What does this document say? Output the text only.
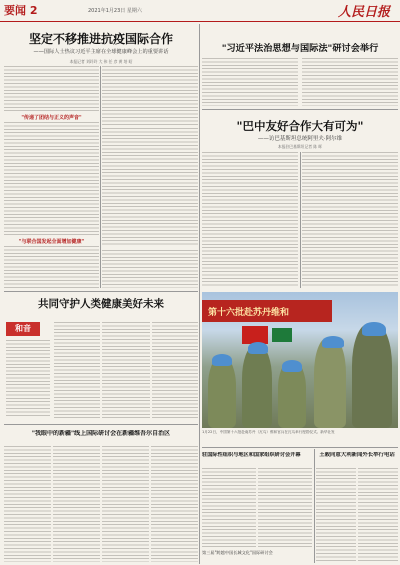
要闻 2	2021年1月23日 星期六	人民日报
坚定不移推进抗疫国际合作
——国际人士热议习近平主席在全球健康峰会上的重要讲话
本报记者 刘玲玲 大 伟 任 彦 黄 培 昭
"传递了团结与正义的声音"
"与联合国发起全面增加健康"
"习近平法治思想与国际法"研讨会举行
"巴中友好合作大有可为"
——访巴基斯坦总统阿里夫·阿尔维
本报驻巴基斯坦记者 陈 晖
共同守护人类健康美好未来
和音
第十六批赴苏丹维和
1月22日，中国第十六批赴南苏丹（瓦乌）维和官兵在瓦乌举行授勋仪式。新华社发
"我眼中的新疆"线上国际研讨会在新疆维吾尔自治区
驻国际性组织与地区和国家组织研讨会开幕
第三届"跨越中国长城文化"国际研讨会
王毅同意大利新闻外长举行电话
